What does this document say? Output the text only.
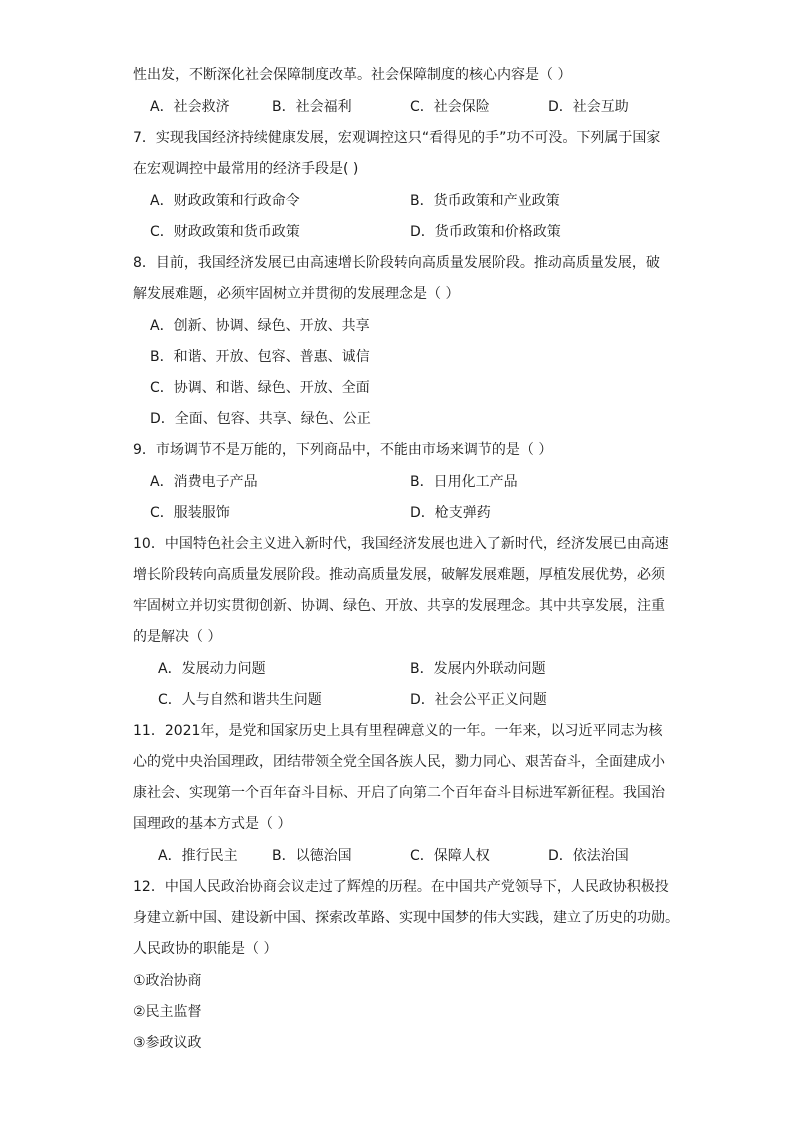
性出发，不断深化社会保障制度改革。社会保障制度的核心内容是（ ）
A．社会救济	B．社会福利	C．社会保险	D．社会互助
7．实现我国经济持续健康发展，宏观调控这只“看得见的手”功不可没。下列属于国家
在宏观调控中最常用的经济手段是( )
A．财政政策和行政命令	B．货币政策和产业政策
C．财政政策和货币政策	D．货币政策和价格政策
8．目前，我国经济发展已由高速增长阶段转向高质量发展阶段。推动高质量发展，破
解发展难题，必须牢固树立并贯彻的发展理念是（ ）
A．创新、协调、绿色、开放、共享
B．和谐、开放、包容、普惠、诚信
C．协调、和谐、绿色、开放、全面
D．全面、包容、共享、绿色、公正
9．市场调节不是万能的，下列商品中，不能由市场来调节的是（ ）
A．消费电子产品	B．日用化工产品
C．服装服饰	D．枪支弹药
10．中国特色社会主义进入新时代，我国经济发展也进入了新时代，经济发展已由高速
增长阶段转向高质量发展阶段。推动高质量发展，破解发展难题，厚植发展优势，必须
牢固树立并切实贯彻创新、协调、绿色、开放、共享的发展理念。其中共享发展，注重
的是解决（ ）
A．发展动力问题	B．发展内外联动问题
C．人与自然和谐共生问题	D．社会公平正义问题
11．2021年，是党和国家历史上具有里程碑意义的一年。一年来，以习近平同志为核
心的党中央治国理政，团结带领全党全国各族人民，勠力同心、艰苦奋斗，全面建成小
康社会、实现第一个百年奋斗目标、开启了向第二个百年奋斗目标进军新征程。我国治
国理政的基本方式是（ ）
A．推行民主 B．以德治国	C．保障人权	D．依法治国
12．中国人民政治协商会议走过了辉煌的历程。在中国共产党领导下，人民政协积极投
身建立新中国、建设新中国、探索改革路、实现中国梦的伟大实践，建立了历史的功勋。
人民政协的职能是（ ）
①政治协商
②民主监督
③参政议政
